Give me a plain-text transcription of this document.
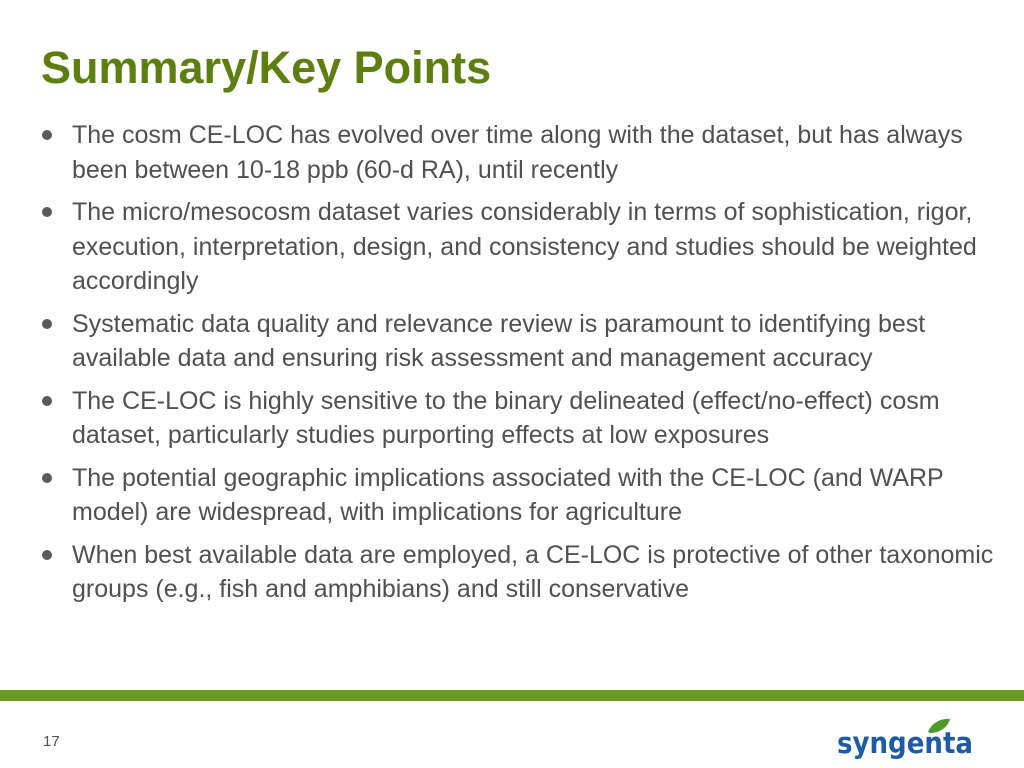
Summary/Key Points
The cosm CE-LOC has evolved over time along with the dataset, but has always been between 10-18 ppb (60-d RA), until recently
The micro/mesocosm dataset varies considerably in terms of sophistication, rigor, execution, interpretation, design, and consistency and studies should be weighted accordingly
Systematic data quality and relevance review is paramount to identifying best available data and ensuring risk assessment and management accuracy
The CE-LOC is highly sensitive to the binary delineated (effect/no-effect) cosm dataset, particularly studies purporting effects at low exposures
The potential geographic implications associated with the CE-LOC (and WARP model) are widespread, with implications for agriculture
When best available data are employed, a CE-LOC is protective of other taxonomic groups (e.g., fish and amphibians) and still conservative
17	syngenta
